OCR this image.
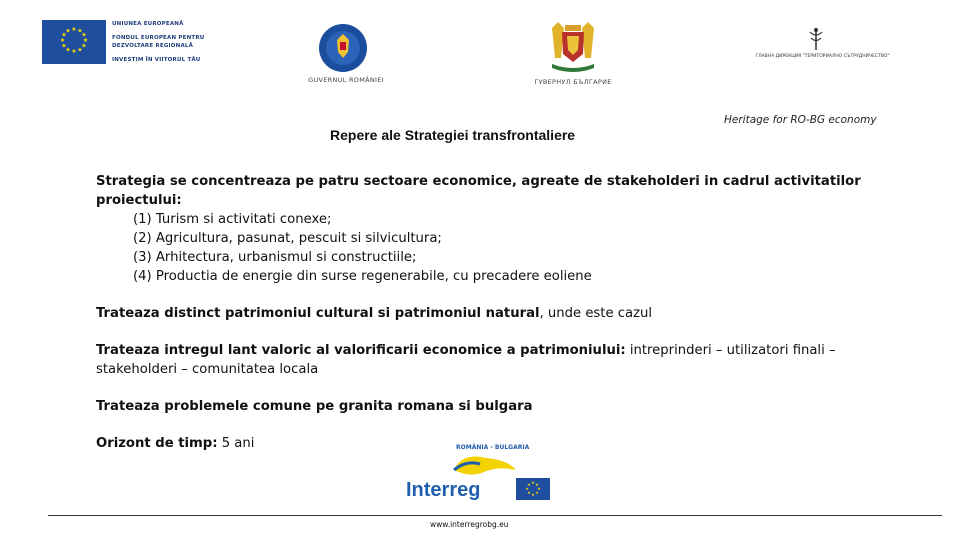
★ ★
★
★
★
★
★
★
★
★
★
★
UNIUNEA EUROPEANĂ
FONDUL EUROPEAN PENTRU
DEZVOLTARE REGIONALĂ
INVESTIM ÎN VIITORUL TĂU
GUVERNUL ROMÂNIEI	ГУВЕРНУЛ БЪЛГАРИЕ
ГЛАВНА ДИРЕКЦИЯ "ТЕРИТОРИАЛНО СЪТРУДНИЧЕСТВО"
Heritage for RO-BG economy
Repere ale Strategiei transfrontaliere

Strategia se concentreaza pe patru sectoare economice, agreate de stakeholderi in cadrul activitatilor proiectului:

(1) Turism si activitati conexe;
(2) Agricultura, pasunat, pescuit si silvicultura;
(3) Arhitectura, urbanismul si constructiile;
(4) Productia de energie din surse regenerabile, cu precadere eoliene

Trateaza distinct patrimoniul cultural si patrimoniul natural, unde este cazul

Trateaza intregul lant valoric al valorificarii economice a patrimoniului: intreprinderi – utilizatori finali – stakeholderi – comunitatea locala

Trateaza problemele comune pe granita romana si bulgara

Orizont de timp: 5 ani	ROMÂNIA - BULGARIA
Interreg	★ ★
★
★
★
★
★
★
www.interregrobg.eu
